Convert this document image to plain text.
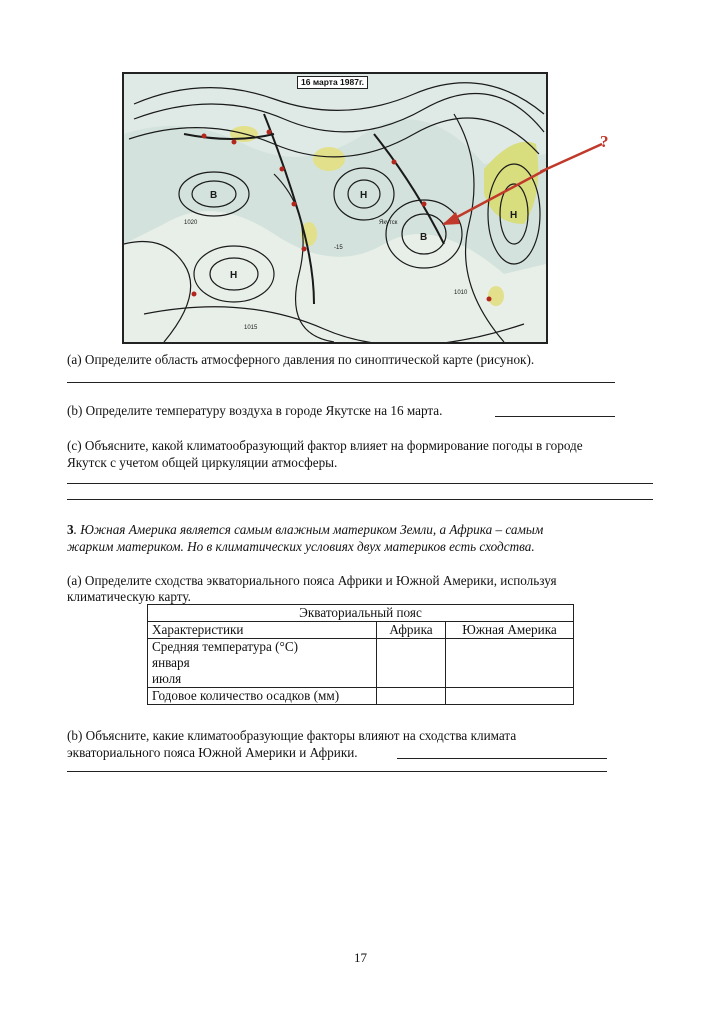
В
Н
Н
В
Н
Якутск
-15
1020
1010
1015
16 марта 1987г.
?
(a) Определите область атмосферного давления по синоптической карте (рисунок).
(b) Определите температуру воздуха в городе Якутске на 16 марта.
(c) Объясните, какой климатообразующий фактор влияет на формирование погоды в городе
Якутск с учетом общей циркуляции атмосферы.
3. Южная Америка является самым влажным материком Земли, а Африка – самым
жарким материком. Но в климатических условиях двух материков есть сходства.
(a) Определите сходства экваториального пояса Африки и Южной Америки, используя
климатическую карту.
Экваториальный пояс		
Характеристики	Африка	Южная Америка

Средняя температура (°С)
января
июля		

Годовое количество осадков (мм)		
(b) Объясните, какие климатообразующие факторы влияют на сходства климата
экваториального пояса Южной Америки и Африки.
17
